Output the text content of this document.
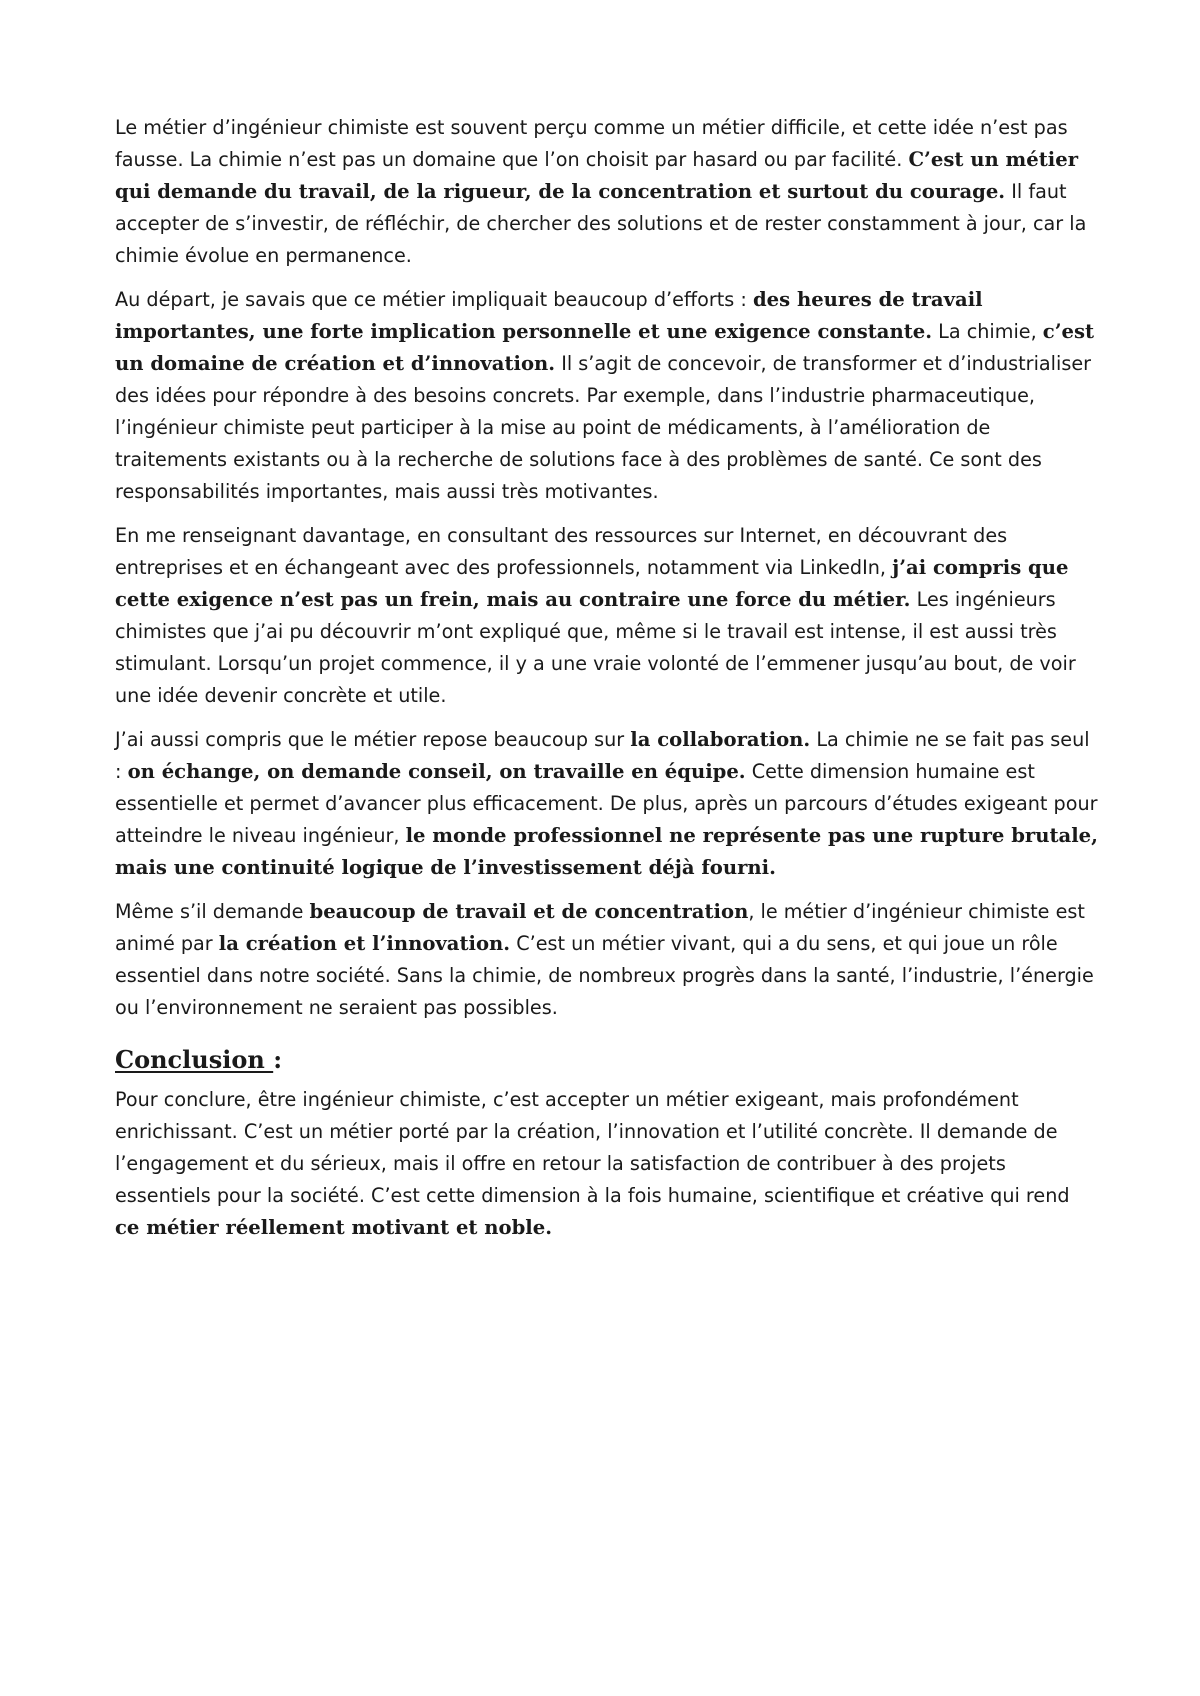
Le métier d’ingénieur chimiste est souvent perçu comme un métier difficile, et cette idée n’est pas fausse. La chimie n’est pas un domaine que l’on choisit par hasard ou par facilité. C’est un métier qui demande du travail, de la rigueur, de la concentration et surtout du courage. Il faut accepter de s’investir, de réfléchir, de chercher des solutions et de rester constamment à jour, car la chimie évolue en permanence.

Au départ, je savais que ce métier impliquait beaucoup d’efforts : des heures de travail importantes, une forte implication personnelle et une exigence constante. La chimie, c’est un domaine de création et d’innovation. Il s’agit de concevoir, de transformer et d’industrialiser des idées pour répondre à des besoins concrets. Par exemple, dans l’industrie pharmaceutique, l’ingénieur chimiste peut participer à la mise au point de médicaments, à l’amélioration de traitements existants ou à la recherche de solutions face à des problèmes de santé. Ce sont des responsabilités importantes, mais aussi très motivantes.

En me renseignant davantage, en consultant des ressources sur Internet, en découvrant des entreprises et en échangeant avec des professionnels, notamment via LinkedIn, j’ai compris que cette exigence n’est pas un frein, mais au contraire une force du métier. Les ingénieurs chimistes que j’ai pu découvrir m’ont expliqué que, même si le travail est intense, il est aussi très stimulant. Lorsqu’un projet commence, il y a une vraie volonté de l’emmener jusqu’au bout, de voir une idée devenir concrète et utile.

J’ai aussi compris que le métier repose beaucoup sur la collaboration. La chimie ne se fait pas seul : on échange, on demande conseil, on travaille en équipe. Cette dimension humaine est essentielle et permet d’avancer plus efficacement. De plus, après un parcours d’études exigeant pour atteindre le niveau ingénieur, le monde professionnel ne représente pas une rupture brutale, mais une continuité logique de l’investissement déjà fourni.

Même s’il demande beaucoup de travail et de concentration, le métier d’ingénieur chimiste est animé par la création et l’innovation. C’est un métier vivant, qui a du sens, et qui joue un rôle essentiel dans notre société. Sans la chimie, de nombreux progrès dans la santé, l’industrie, l’énergie ou l’environnement ne seraient pas possibles.

Conclusion :

Pour conclure, être ingénieur chimiste, c’est accepter un métier exigeant, mais profondément enrichissant. C’est un métier porté par la création, l’innovation et l’utilité concrète. Il demande de l’engagement et du sérieux, mais il offre en retour la satisfaction de contribuer à des projets essentiels pour la société. C’est cette dimension à la fois humaine, scientifique et créative qui rend ce métier réellement motivant et noble.
